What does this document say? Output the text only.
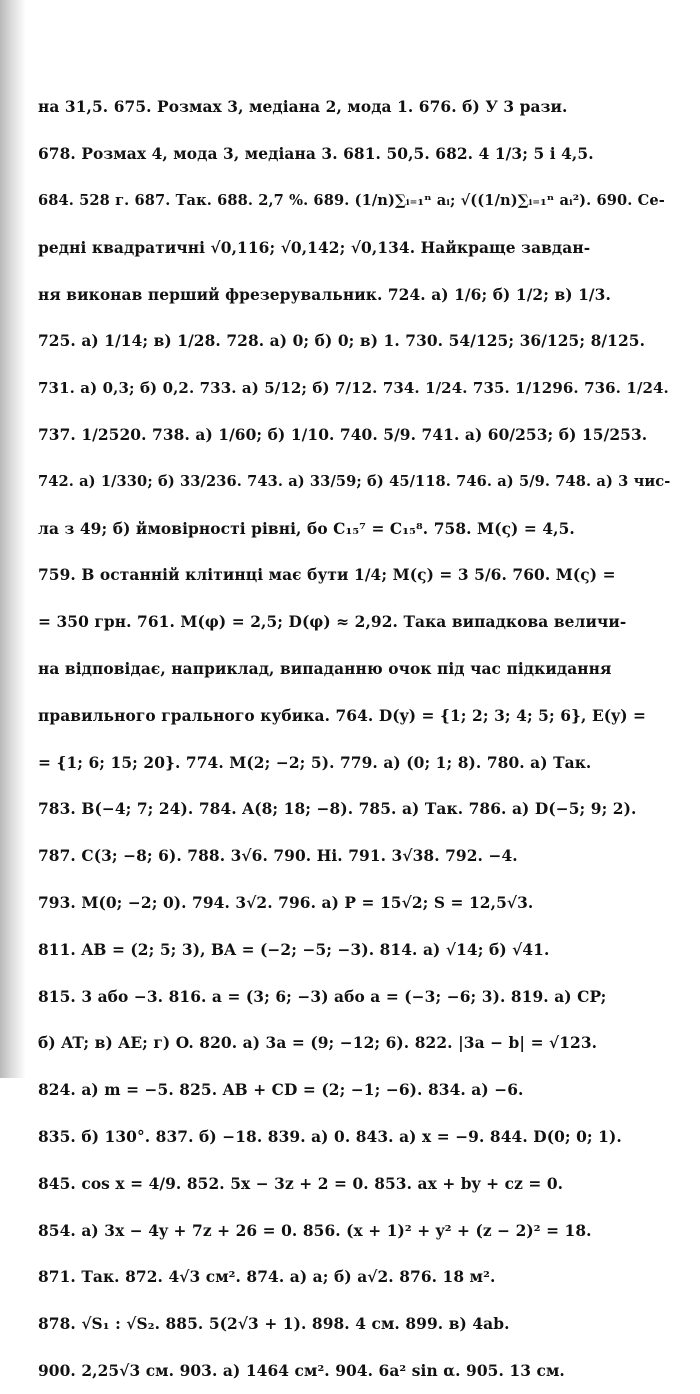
на 31,5. 675. Розмах 3, медіана 2, мода 1. 676. б) У 3 рази.
678. Розмах 4, мода 3, медіана 3. 681. 50,5. 682. 4 1/3; 5 і 4,5.
684. 528 г. 687. Так. 688. 2,7 %. 689. (1/n)∑ᵢ₌₁ⁿ aᵢ; √((1/n)∑ᵢ₌₁ⁿ aᵢ²). 690. Се-
редні квадратичні √0,116; √0,142; √0,134. Найкраще завдан-
ня виконав перший фрезерувальник. 724. а) 1/6; б) 1/2; в) 1/3.
725. а) 1/14; в) 1/28. 728. а) 0; б) 0; в) 1. 730. 54/125; 36/125; 8/125.
731. а) 0,3; б) 0,2. 733. а) 5/12; б) 7/12. 734. 1/24. 735. 1/1296. 736. 1/24.
737. 1/2520. 738. а) 1/60; б) 1/10. 740. 5/9. 741. а) 60/253; б) 15/253.
742. а) 1/330; б) 33/236. 743. а) 33/59; б) 45/118. 746. а) 5/9. 748. а) 3 чис-
ла з 49; б) ймовірності рівні, бо C₁₅⁷ = C₁₅⁸. 758. M(ς) = 4,5.
759. В останній клітинці має бути 1/4; M(ς) = 3 5/6. 760. M(ς) =
= 350 грн. 761. M(φ) = 2,5; D(φ) ≈ 2,92. Така випадкова величи-
на відповідає, наприклад, випаданню очок під час підкидання
правильного грального кубика. 764. D(y) = {1; 2; 3; 4; 5; 6}, E(y) =
= {1; 6; 15; 20}. 774. M(2; −2; 5). 779. а) (0; 1; 8). 780. а) Так.
783. B(−4; 7; 24). 784. A(8; 18; −8). 785. а) Так. 786. а) D(−5; 9; 2).
787. C(3; −8; 6). 788. 3√6. 790. Ні. 791. 3√38. 792. −4.
793. M(0; −2; 0). 794. 3√2. 796. а) P = 15√2; S = 12,5√3.
811. AB = (2; 5; 3), BA = (−2; −5; −3). 814. а) √14; б) √41.
815. 3 або −3. 816. a = (3; 6; −3) або a = (−3; −6; 3). 819. а) CP;
б) AT; в) AE; г) O. 820. а) 3a = (9; −12; 6). 822. |3a − b| = √123.
824. а) m = −5. 825. AB + CD = (2; −1; −6). 834. а) −6.
835. б) 130°. 837. б) −18. 839. а) 0. 843. а) x = −9. 844. D(0; 0; 1).
845. cos x = 4/9. 852. 5x − 3z + 2 = 0. 853. ax + by + cz = 0.
854. а) 3x − 4y + 7z + 26 = 0. 856. (x + 1)² + y² + (z − 2)² = 18.
871. Так. 872. 4√3 см². 874. а) a; б) a√2. 876. 18 м².
878. √S₁ : √S₂. 885. 5(2√3 + 1). 898. 4 см. 899. в) 4ab.
900. 2,25√3 см. 903. а) 1464 см². 904. 6a² sin α. 905. 13 см.
